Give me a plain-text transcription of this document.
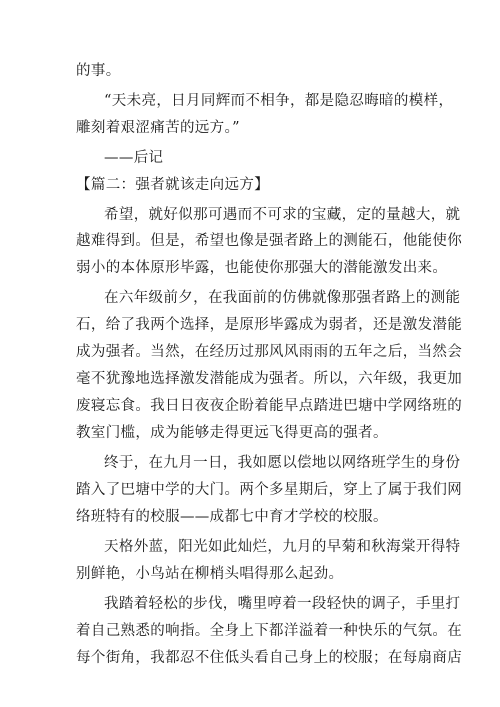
的事。
“天未亮，日月同辉而不相争，都是隐忍晦暗的模样，
雕刻着艰涩痛苦的远方。”
——后记
【篇二：强者就该走向远方】
希望，就好似那可遇而不可求的宝藏，定的量越大，就
越难得到。但是，希望也像是强者路上的测能石，他能使你
弱小的本体原形毕露，也能使你那强大的潜能激发出来。
在六年级前夕，在我面前的仿佛就像那强者路上的测能
石，给了我两个选择，是原形毕露成为弱者，还是激发潜能
成为强者。当然，在经历过那风风雨雨的五年之后，当然会
毫不犹豫地选择激发潜能成为强者。所以，六年级，我更加
废寝忘食。我日日夜夜企盼着能早点踏进巴塘中学网络班的
教室门槛，成为能够走得更远飞得更高的强者。
终于，在九月一日，我如愿以偿地以网络班学生的身份
踏入了巴塘中学的大门。两个多星期后，穿上了属于我们网
络班特有的校服——成都七中育才学校的校服。
天格外蓝，阳光如此灿烂，九月的早菊和秋海棠开得特
别鲜艳，小鸟站在柳梢头唱得那么起劲。
我踏着轻松的步伐，嘴里哼着一段轻快的调子，手里打
着自己熟悉的响指。全身上下都洋溢着一种快乐的气氛。在
每个街角，我都忍不住低头看自己身上的校服；在每扇商店
